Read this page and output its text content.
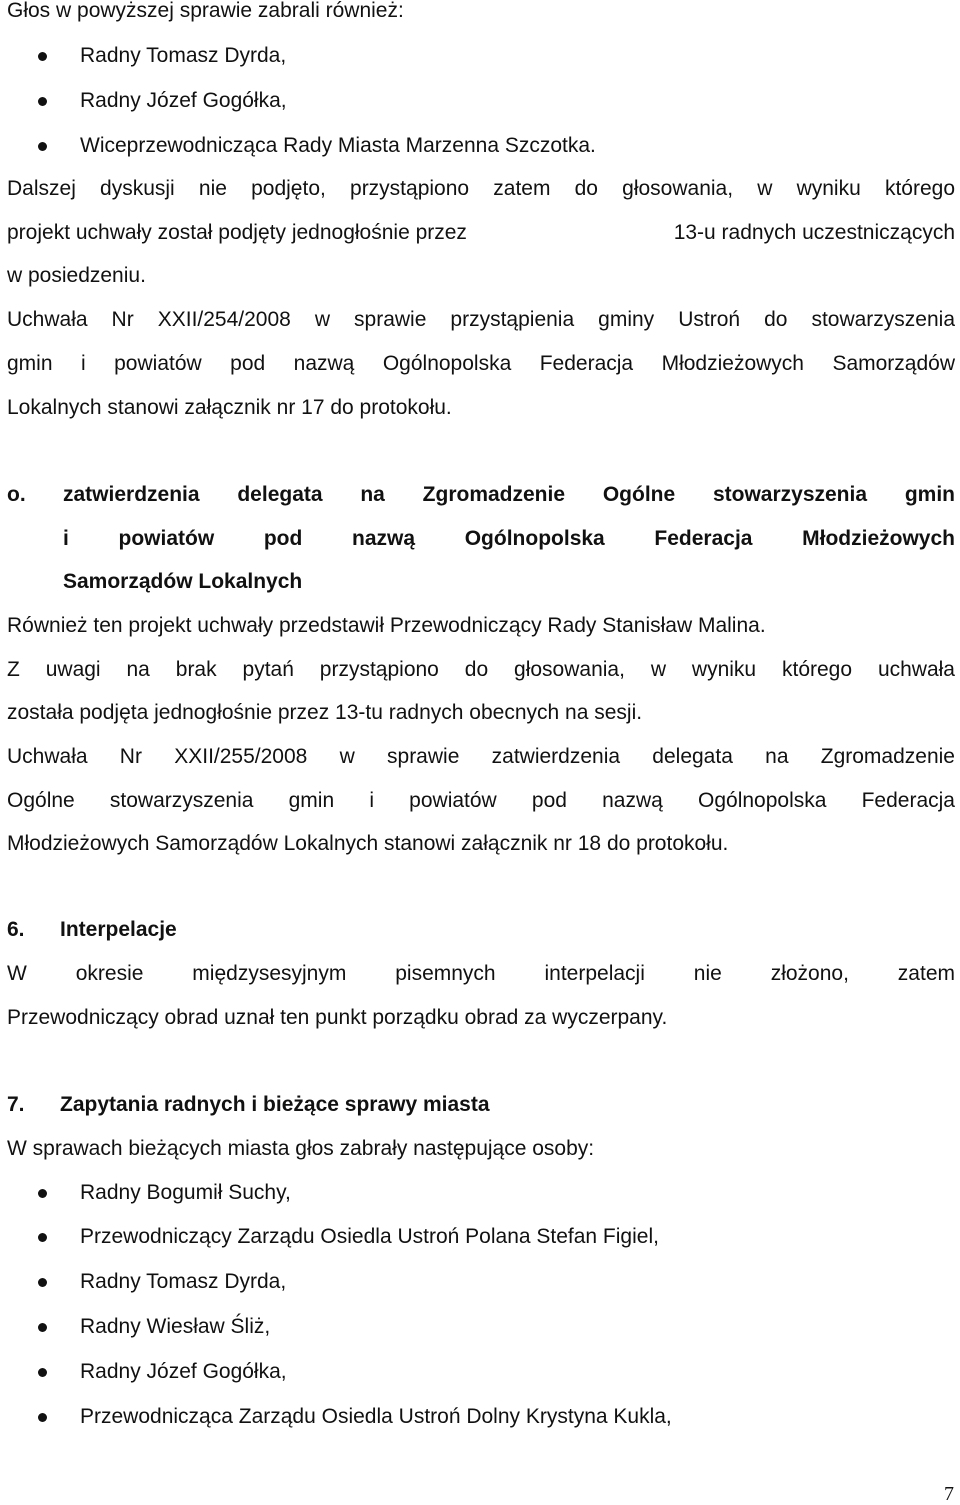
Głos w powyższej sprawie zabrali również:
Radny Tomasz Dyrda,
Radny Józef Gogółka,
Wiceprzewodnicząca Rady Miasta Marzenna Szczotka.
Dalszej dyskusji nie podjęto, przystąpiono zatem do głosowania, w wyniku którego
projekt uchwały został podjęty jednogłośnie przez	13-u radnych uczestniczących
w posiedzeniu.
Uchwała Nr XXII/254/2008 w sprawie przystąpienia gminy Ustroń do stowarzyszenia
gmin i powiatów pod nazwą Ogólnopolska Federacja Młodzieżowych Samorządów
Lokalnych stanowi załącznik nr 17 do protokołu.
o. zatwierdzenia delegata na Zgromadzenie Ogólne stowarzyszenia gmin
i powiatów pod nazwą Ogólnopolska Federacja Młodzieżowych
Samorządów Lokalnych
Również ten projekt uchwały przedstawił Przewodniczący Rady Stanisław Malina.
Z uwagi na brak pytań przystąpiono do głosowania, w wyniku którego uchwała
została podjęta jednogłośnie przez 13-tu radnych obecnych na sesji.
Uchwała Nr XXII/255/2008 w sprawie zatwierdzenia delegata na Zgromadzenie
Ogólne stowarzyszenia gmin i powiatów pod nazwą Ogólnopolska Federacja
Młodzieżowych Samorządów Lokalnych stanowi załącznik nr 18 do protokołu.
6. Interpelacje
W okresie międzysesyjnym pisemnych interpelacji nie złożono, zatem
Przewodniczący obrad uznał ten punkt porządku obrad za wyczerpany.
7. Zapytania radnych i bieżące sprawy miasta
W sprawach bieżących miasta głos zabrały następujące osoby:
Radny Bogumił Suchy,
Przewodniczący Zarządu Osiedla Ustroń Polana Stefan Figiel,
Radny Tomasz Dyrda,
Radny Wiesław Śliż,
Radny Józef Gogółka,
Przewodnicząca Zarządu Osiedla Ustroń Dolny Krystyna Kukla,
7
